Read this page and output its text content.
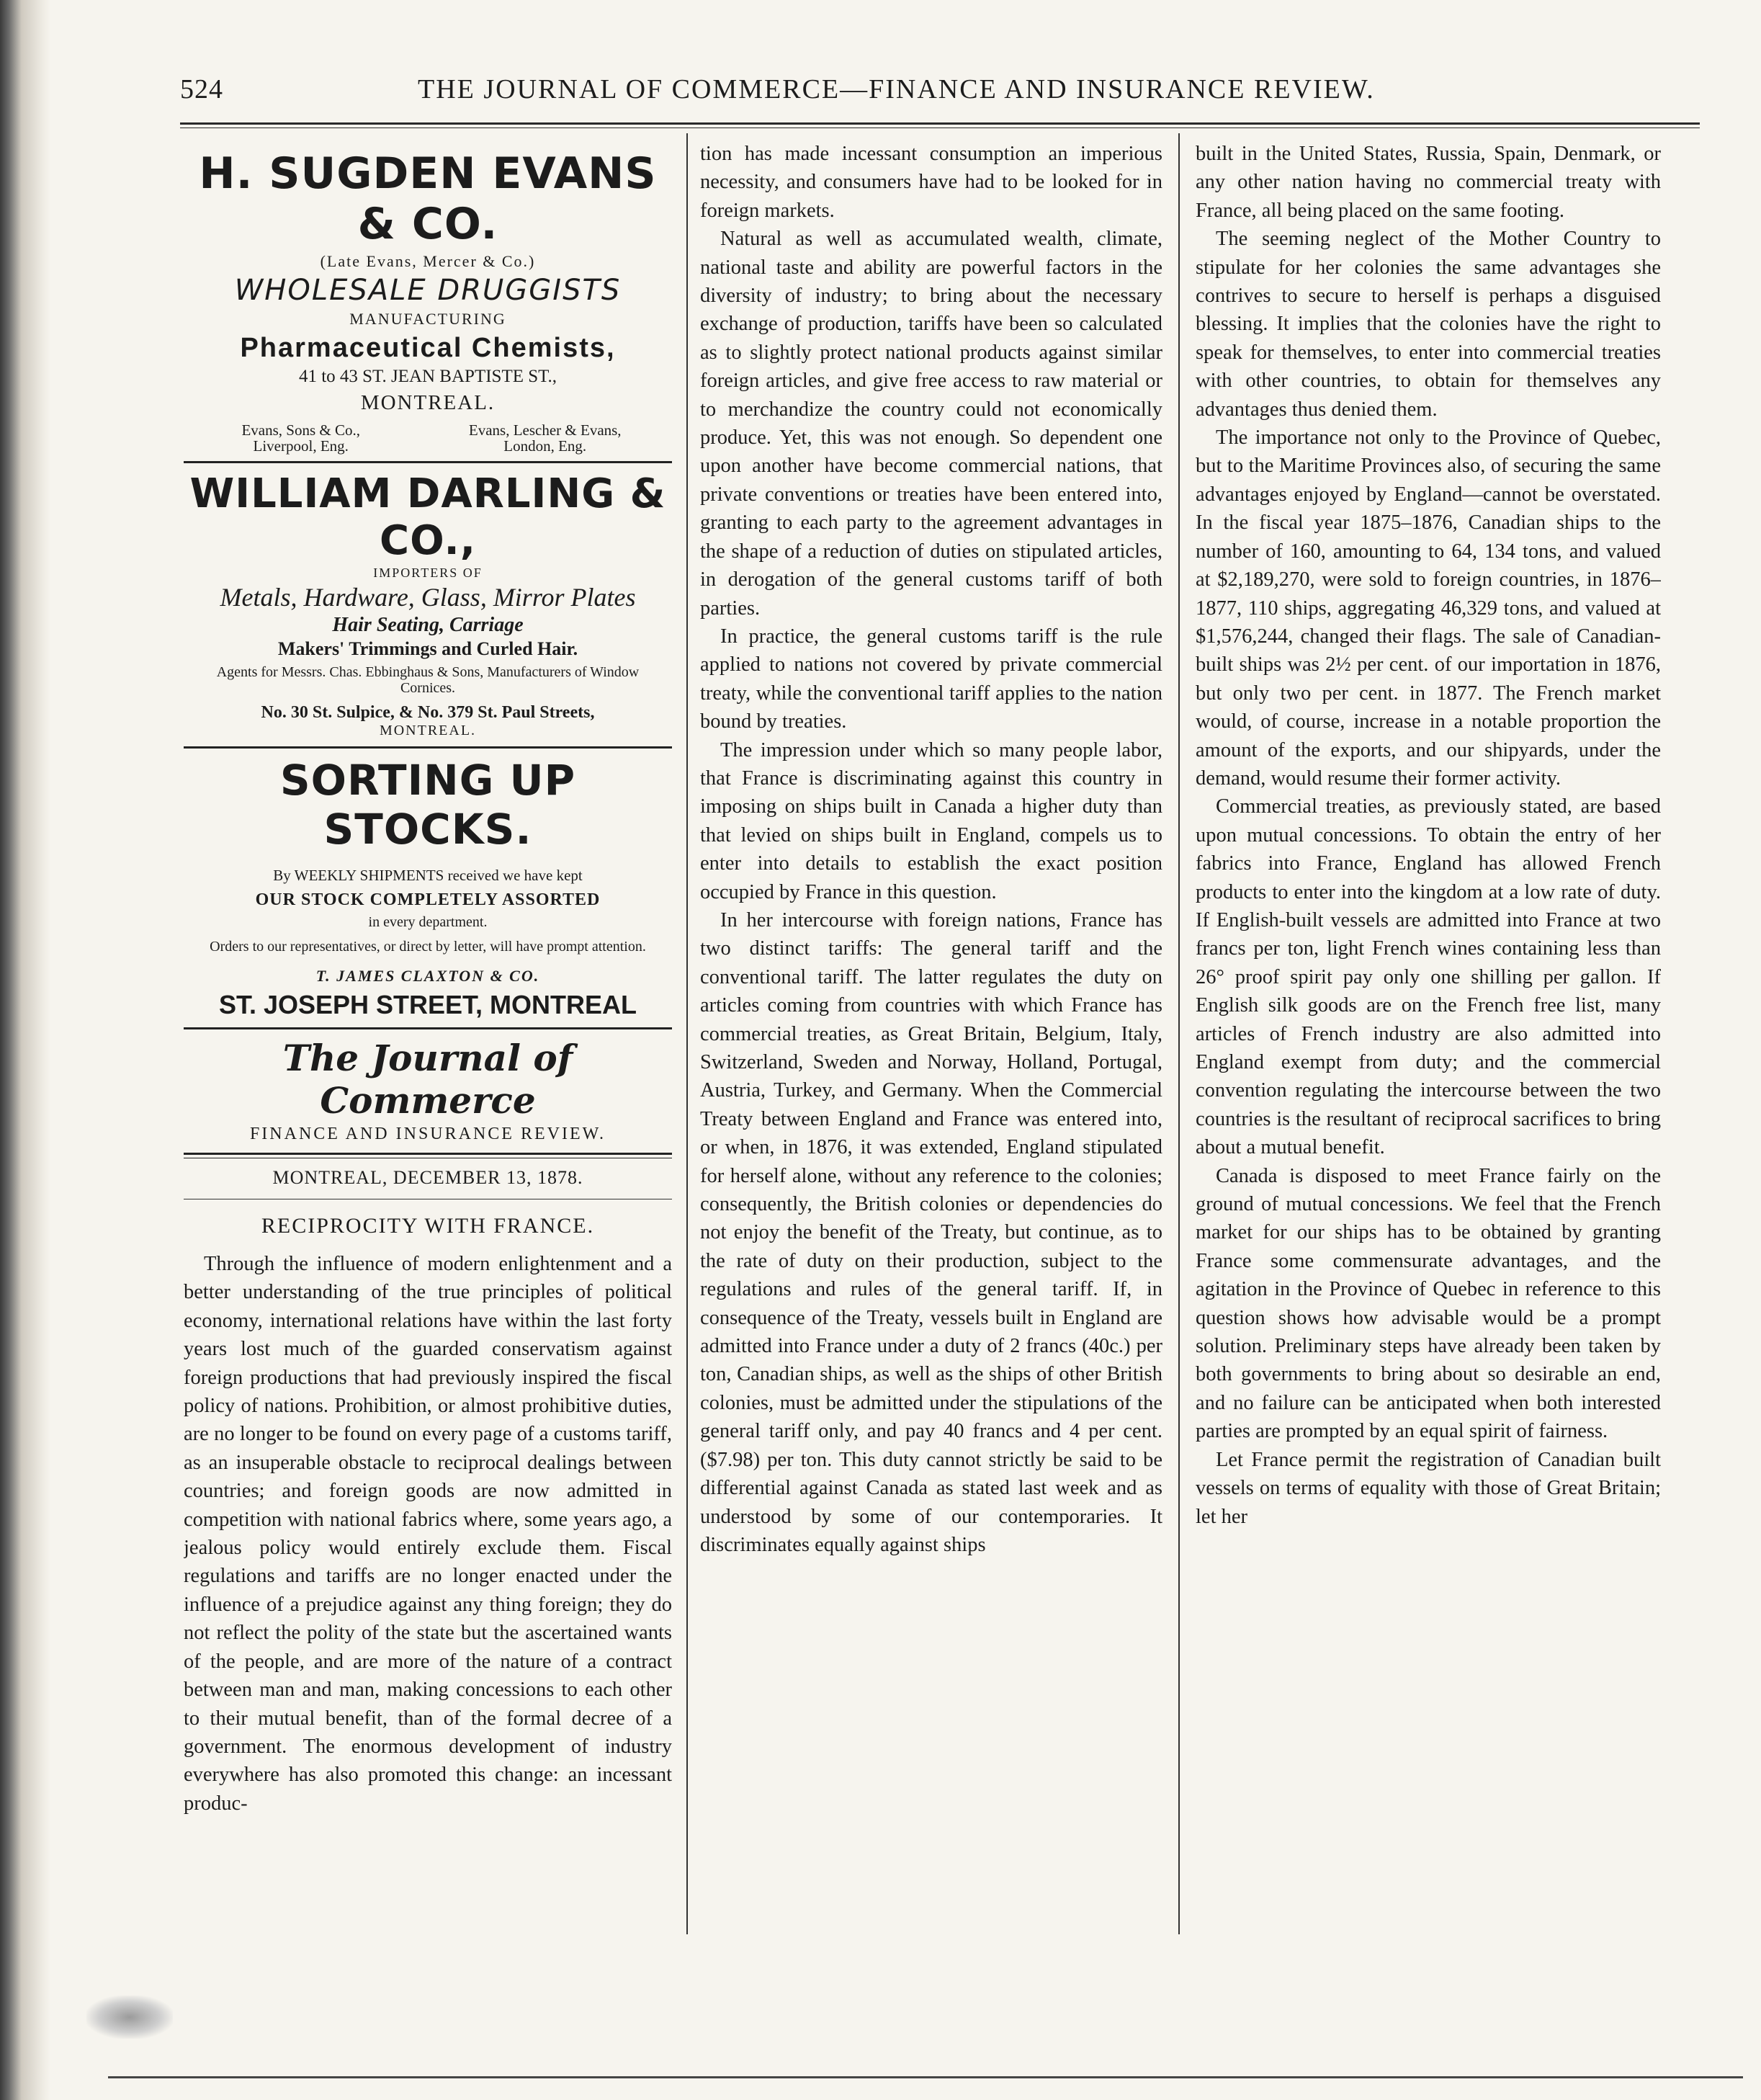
524	THE JOURNAL OF COMMERCE—FINANCE AND INSURANCE REVIEW.

H. SUGDEN EVANS & CO.

(Late Evans, Mercer & Co.)

WHOLESALE DRUGGISTS

MANUFACTURING

Pharmaceutical Chemists,

41 to 43 ST. JEAN BAPTISTE ST.,

MONTREAL.

Evans, Sons & Co.,
Liverpool, Eng.
Evans, Lescher & Evans,
London, Eng.

WILLIAM DARLING & CO.,

IMPORTERS OF

Metals, Hardware, Glass, Mirror Plates

Hair Seating, Carriage

Makers' Trimmings and Curled Hair.

Agents for Messrs. Chas. Ebbinghaus & Sons, Manufacturers of Window Cornices.

No. 30 St. Sulpice, & No. 379 St. Paul Streets,

MONTREAL.

SORTING UP STOCKS.

By WEEKLY SHIPMENTS received we have kept

OUR STOCK COMPLETELY ASSORTED

in every department.

Orders to our representatives, or direct by letter, will have prompt attention.

T. JAMES CLAXTON & CO.

ST. JOSEPH STREET, MONTREAL

The Journal of Commerce

FINANCE AND INSURANCE REVIEW.

MONTREAL, DECEMBER 13, 1878.

RECIPROCITY WITH FRANCE.

Through the influence of modern enlightenment and a better understanding of the true principles of political economy, international relations have within the last forty years lost much of the guarded conservatism against foreign productions that had previously inspired the fiscal policy of nations. Prohibition, or almost prohibitive duties, are no longer to be found on every page of a customs tariff, as an insuperable obstacle to reciprocal dealings between countries; and foreign goods are now admitted in competition with national fabrics where, some years ago, a jealous policy would entirely exclude them. Fiscal regulations and tariffs are no longer enacted under the influence of a prejudice against any thing foreign; they do not reflect the polity of the state but the ascertained wants of the people, and are more of the nature of a contract between man and man, making concessions to each other to their mutual benefit, than of the formal decree of a government. The enormous development of industry everywhere has also promoted this change: an incessant produc-

tion has made incessant consumption an imperious necessity, and consumers have had to be looked for in foreign markets.

Natural as well as accumulated wealth, climate, national taste and ability are powerful factors in the diversity of industry; to bring about the necessary exchange of production, tariffs have been so calculated as to slightly protect national products against similar foreign articles, and give free access to raw material or to merchandize the country could not economically produce. Yet, this was not enough. So dependent one upon another have become commercial nations, that private conventions or treaties have been entered into, granting to each party to the agreement advantages in the shape of a reduction of duties on stipulated articles, in derogation of the general customs tariff of both parties.

In practice, the general customs tariff is the rule applied to nations not covered by private commercial treaty, while the conventional tariff applies to the nation bound by treaties.

The impression under which so many people labor, that France is discriminating against this country in imposing on ships built in Canada a higher duty than that levied on ships built in England, compels us to enter into details to establish the exact position occupied by France in this question.

In her intercourse with foreign nations, France has two distinct tariffs: The general tariff and the conventional tariff. The latter regulates the duty on articles coming from countries with which France has commercial treaties, as Great Britain, Belgium, Italy, Switzerland, Sweden and Norway, Holland, Portugal, Austria, Turkey, and Germany. When the Commercial Treaty between England and France was entered into, or when, in 1876, it was extended, England stipulated for herself alone, without any reference to the colonies; consequently, the British colonies or dependencies do not enjoy the benefit of the Treaty, but continue, as to the rate of duty on their production, subject to the regulations and rules of the general tariff. If, in consequence of the Treaty, vessels built in England are admitted into France under a duty of 2 francs (40c.) per ton, Canadian ships, as well as the ships of other British colonies, must be admitted under the stipulations of the general tariff only, and pay 40 francs and 4 per cent. ($7.98) per ton. This duty cannot strictly be said to be differential against Canada as stated last week and as understood by some of our contemporaries. It discriminates equally against ships

built in the United States, Russia, Spain, Denmark, or any other nation having no commercial treaty with France, all being placed on the same footing.

The seeming neglect of the Mother Country to stipulate for her colonies the same advantages she contrives to secure to herself is perhaps a disguised blessing. It implies that the colonies have the right to speak for themselves, to enter into commercial treaties with other countries, to obtain for themselves any advantages thus denied them.

The importance not only to the Province of Quebec, but to the Maritime Provinces also, of securing the same advantages enjoyed by England—cannot be overstated. In the fiscal year 1875–1876, Canadian ships to the number of 160, amounting to 64, 134 tons, and valued at $2,189,270, were sold to foreign countries, in 1876–1877, 110 ships, aggregating 46,329 tons, and valued at $1,576,244, changed their flags. The sale of Canadian-built ships was 2½ per cent. of our importation in 1876, but only two per cent. in 1877. The French market would, of course, increase in a notable proportion the amount of the exports, and our shipyards, under the demand, would resume their former activity.

Commercial treaties, as previously stated, are based upon mutual concessions. To obtain the entry of her fabrics into France, England has allowed French products to enter into the kingdom at a low rate of duty. If English-built vessels are admitted into France at two francs per ton, light French wines containing less than 26° proof spirit pay only one shilling per gallon. If English silk goods are on the French free list, many articles of French industry are also admitted into England exempt from duty; and the commercial convention regulating the intercourse between the two countries is the resultant of reciprocal sacrifices to bring about a mutual benefit.

Canada is disposed to meet France fairly on the ground of mutual concessions. We feel that the French market for our ships has to be obtained by granting France some commensurate advantages, and the agitation in the Province of Quebec in reference to this question shows how advisable would be a prompt solution. Preliminary steps have already been taken by both governments to bring about so desirable an end, and no failure can be anticipated when both interested parties are prompted by an equal spirit of fairness.

Let France permit the registration of Canadian built vessels on terms of equality with those of Great Britain; let her
